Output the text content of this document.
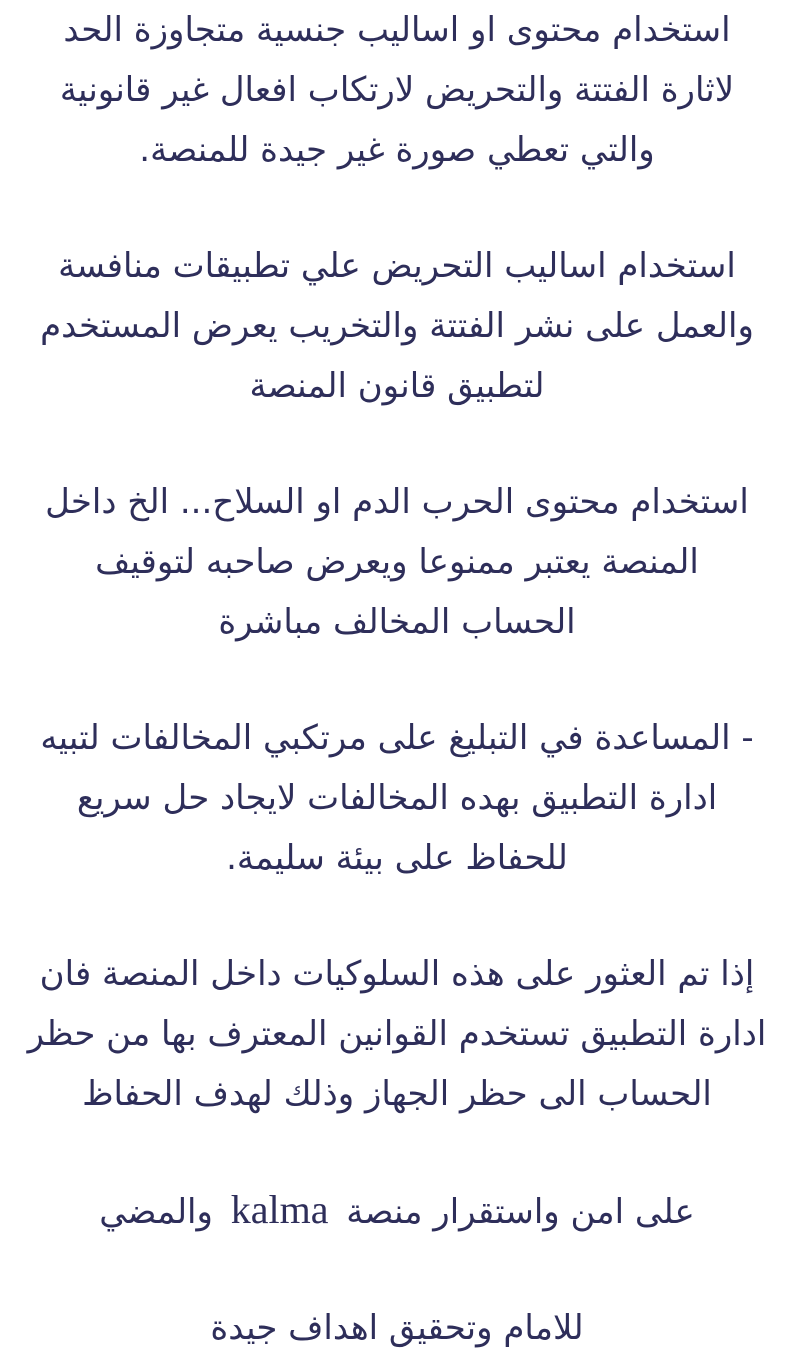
استخدام محتوى او اساليب جنسية متجاوزة الحد
لاثارة الفتتة والتحريض لارتكاب افعال غير قانونية
والتي تعطي صورة غير جيدة للمنصة.
استخدام اساليب التحريض علي تطبيقات منافسة
والعمل على نشر الفتتة والتخريب يعرض المستخدم
لتطبيق قانون المنصة
استخدام محتوى الحرب الدم او السلاح... الخ داخل
المنصة يعتبر ممنوعا ويعرض صاحبه لتوقيف
الحساب المخالف مباشرة
- المساعدة في التبليغ على مرتكبي المخالفات لتبيه
ادارة التطبيق بهده المخالفات لايجاد حل سريع
للحفاظ على بيئة سليمة.
إذا تم العثور على هذه السلوكيات داخل المنصة فان
ادارة التطبيق تستخدم القوانين المعترف بها من حظر
الحساب الى حظر الجهاز وذلك لهدف الحفاظ
على امن واستقرار منصة kalma والمضي
للامام وتحقيق اهداف جيدة
